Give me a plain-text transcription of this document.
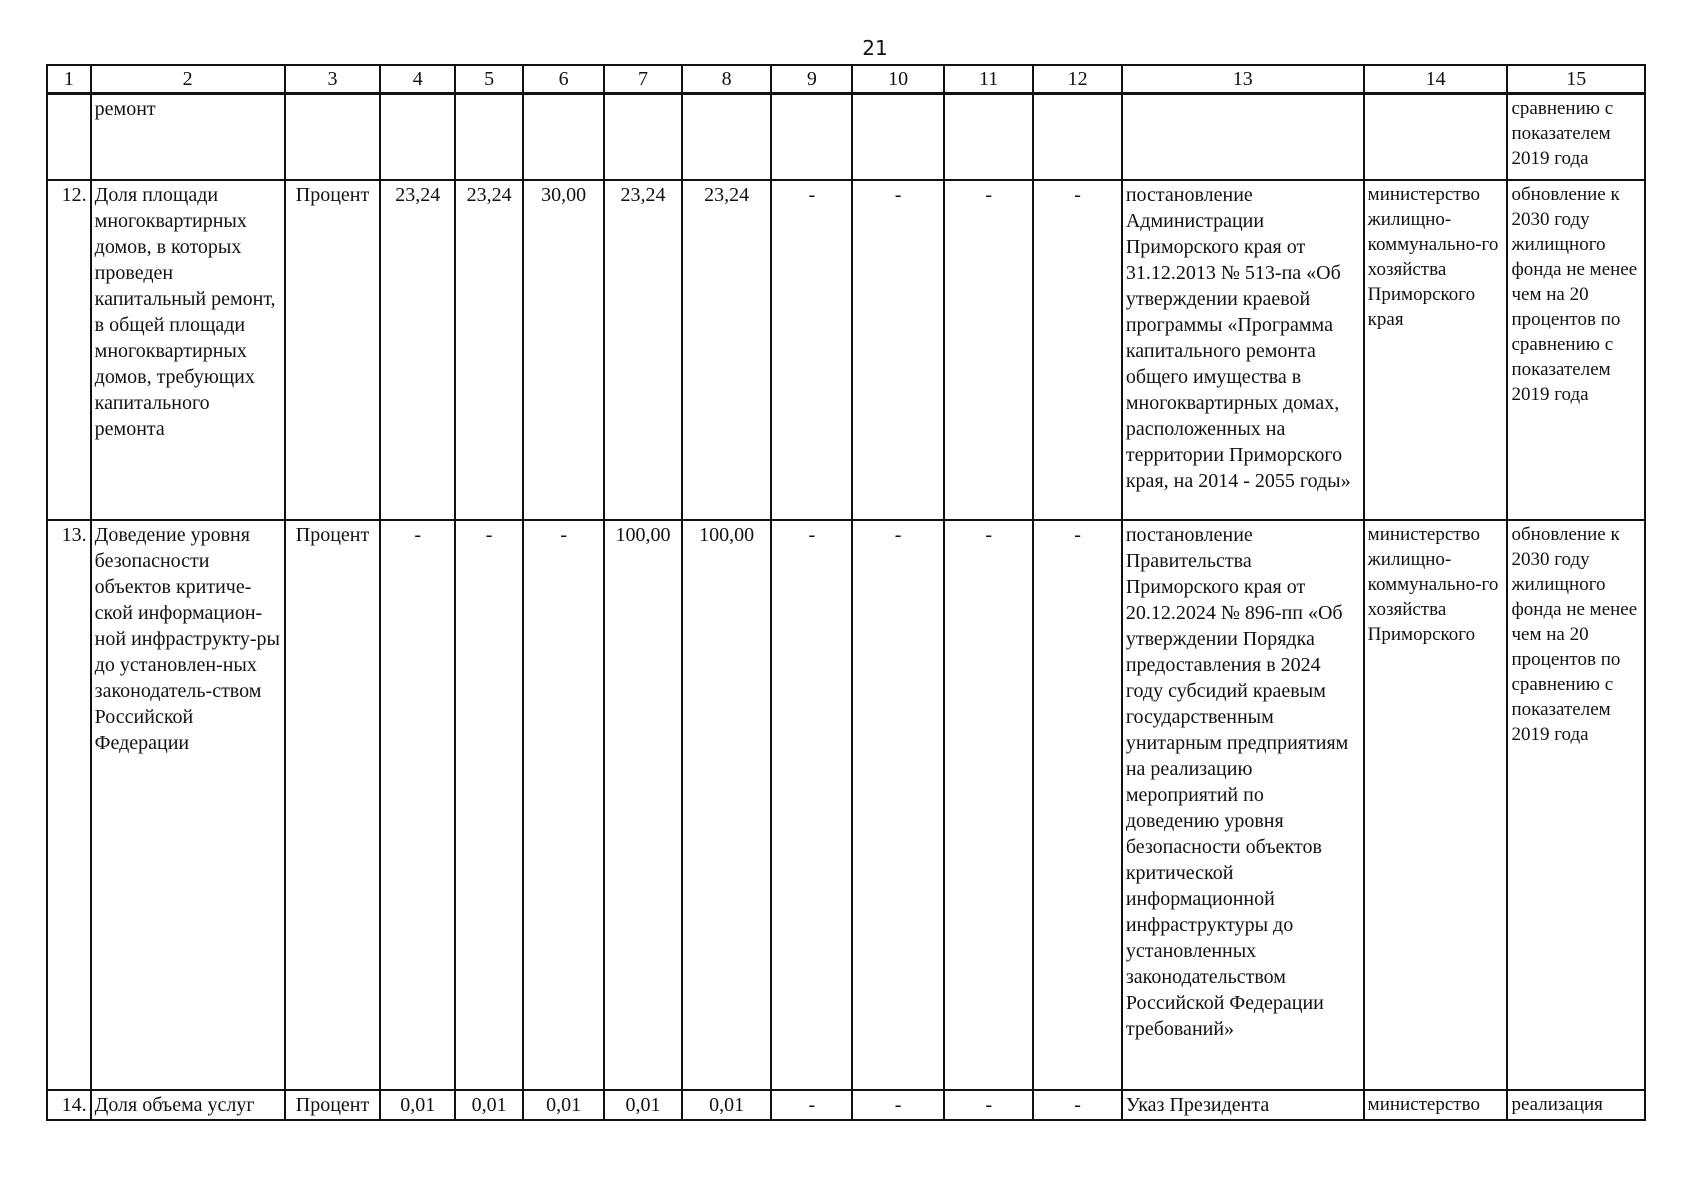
21
1	2	3	4	5	6	7	8	9	10	11	12	13	14	15
	ремонт													сравнению с показателем 2019 года
12.	Доля площади многоквартирных домов, в которых проведен капитальный ремонт, в общей площади многоквартирных домов, требующих капитального ремонта	Процент	23,24	23,24	30,00	23,24	23,24	-	-	-	-	постановление Администрации Приморского края от 31.12.2013 № 513-па «Об утверждении краевой программы «Программа капитального ремонта общего имущества в многоквартирных домах, расположенных на территории Приморского края, на 2014 - 2055 годы»	министерство жилищно-коммунально-го хозяйства Приморского края	обновление к 2030 году жилищного фонда не менее чем на 20 процентов по сравнению с показателем 2019 года
13.	Доведение уровня безопасности объектов критиче-ской информацион-ной инфраструкту-ры до установлен-ных законодатель-ством Российской Федерации	Процент	-	-	-	100,00	100,00	-	-	-	-	постановление Правительства Приморского края от 20.12.2024 № 896-пп «Об утверждении Порядка предоставления в 2024 году субсидий краевым государственным унитарным предприятиям на реализацию мероприятий по доведению уровня безопасности объектов критической информационной инфраструктуры до установленных законодательством Российской Федерации требований»	министерство жилищно-коммунально-го хозяйства Приморского	обновление к 2030 году жилищного фонда не менее чем на 20 процентов по сравнению с показателем 2019 года
14.	Доля объема услуг	Процент	0,01	0,01	0,01	0,01	0,01	-	-	-	-	Указ Президента	министерство	реализация
